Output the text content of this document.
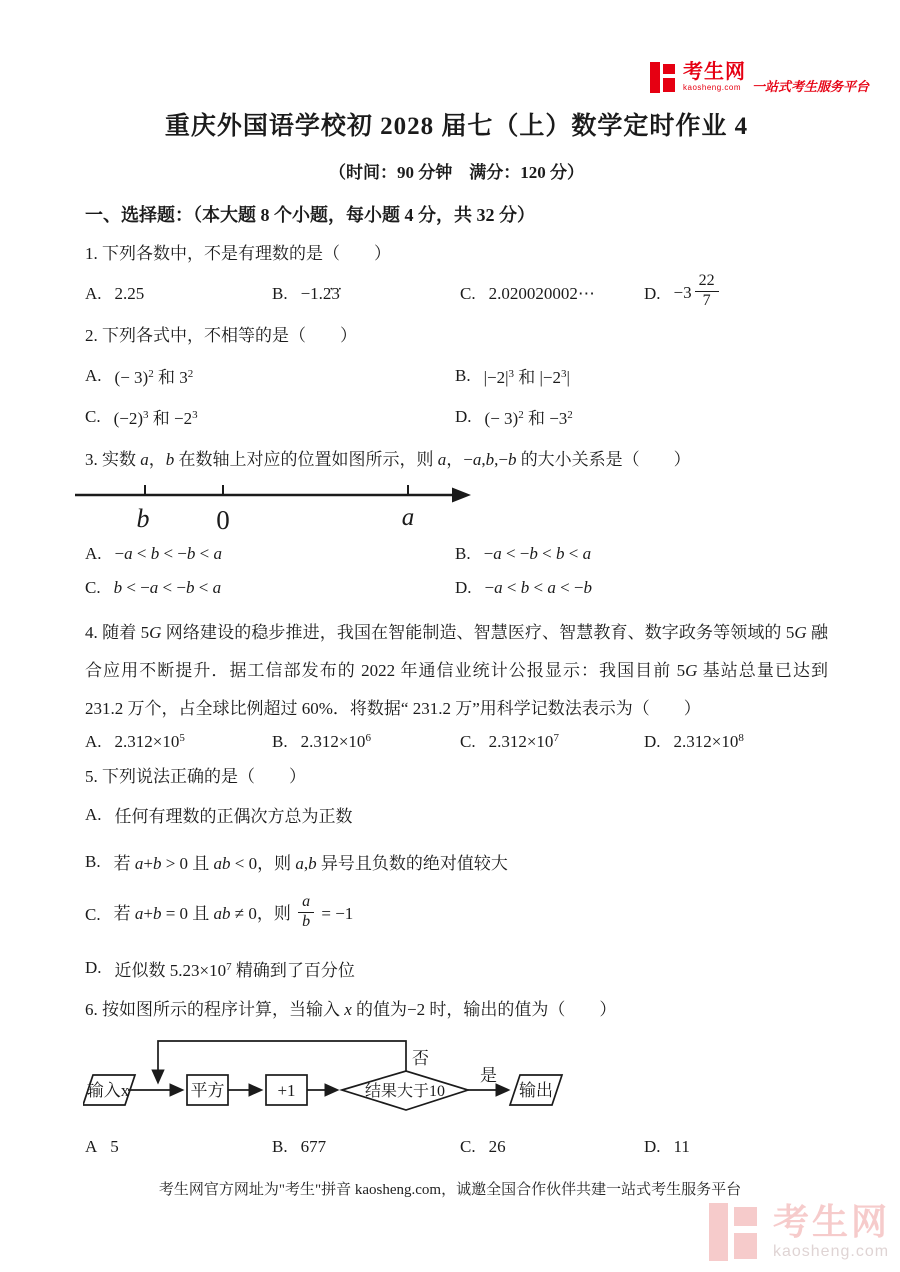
考生网
kaosheng.com 一站式考生服务平台
重庆外国语学校初 2028 届七（上）数学定时作业 4
（时间：90 分钟　满分：120 分）
一、选择题：（本大题 8 个小题，每小题 4 分，共 32 分）
1. 下列各数中，不是有理数的是（　　）
A. 2.25	B. −1.2̇3̇	C. 2.020020002⋯	D. $-3 \frac{22}{7}$
2. 下列各式中，不相等的是（　　）
A. (− 3)$^2$ 和 $3^2$	B. $|-2|^3$ 和 $|-2^3|$
C. $(-2)^3$ 和 $-2^3$	D. (− 3)$^2$ 和 $-3^2$
3. 实数 a，b 在数轴上对应的位置如图所示，则 a，−a,b,−b 的大小关系是（　　）
b 0	a
A. −a < b < −b < a	B. −a < −b < b < a
C. b < −a < −b < a	D. −a < b < a < −b
4. 随着 5G 网络建设的稳步推进，我国在智能制造、智慧医疗、智慧教育、数字政务等领域的 5G 融合应用不断提升．据工信部发布的 2022 年通信业统计公报显示：我国目前 5G 基站总量已达到 231.2 万个，占全球比例超过 60%．将数据“ 231.2 万”用科学记数法表示为（　　）
A. $2.312\times 10^5$	B. $2.312\times 10^6$	C. $2.312\times 10^7$	D. $2.312\times 10^8$
5. 下列说法正确的是（　　）
A. 任何有理数的正偶次方总为正数
B. 若 a+b > 0 且 ab < 0，则 a,b 异号且负数的绝对值较大
C. 若 a+b = 0 且 ab ≠ 0，则 $\frac{a}{b} = -1$
D. 近似数 $5.23\times 10^7$ 精确到了百分位
6. 按如图所示的程序计算，当输入 x 的值为−2 时，输出的值为（　　）
否
输入x	平方	+1	结果大于10
是
输出
A 5	B. 677	C. 26	D. 11
考生网官方网址为"考生"拼音 kaosheng.com，诚邀全国合作伙伴共建一站式考生服务平台
考生网
kaosheng.com
